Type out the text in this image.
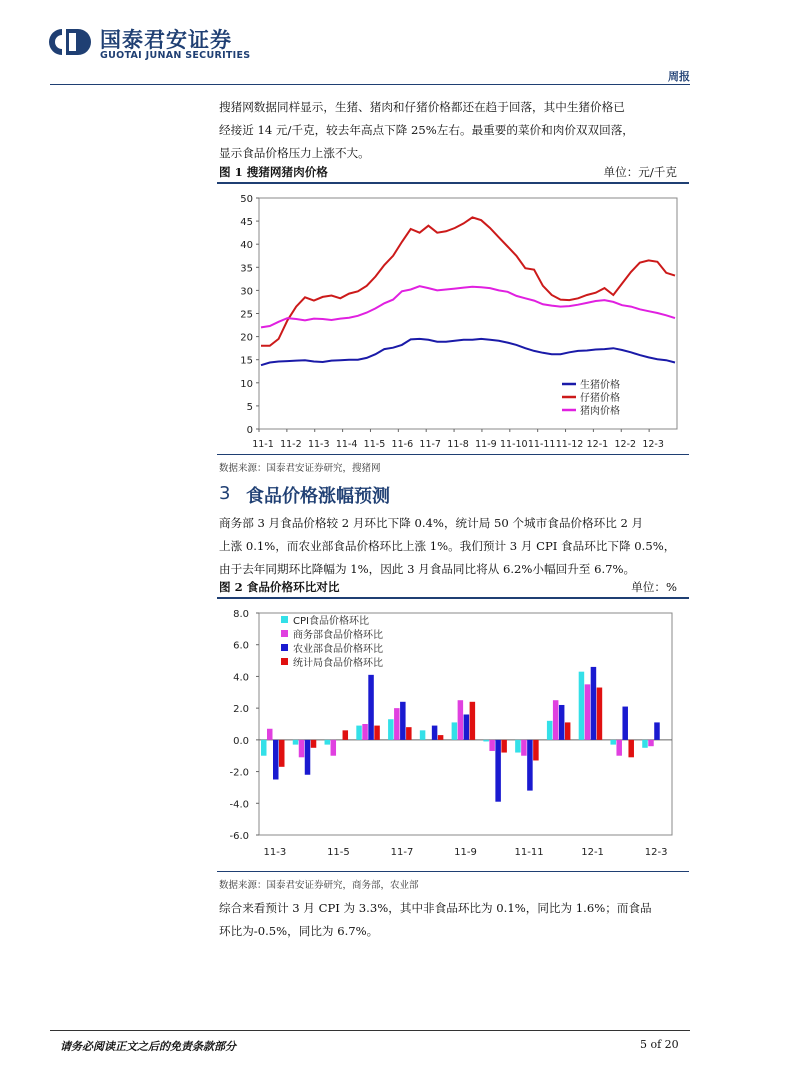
国泰君安证券
GUOTAI JUNAN SECURITIES
周报
搜猪网数据同样显示，生猪、猪肉和仔猪价格都还在趋于回落，其中生猪价格已
经接近 14 元/千克，较去年高点下降 25%左右。最重要的菜价和肉价双双回落，
显示食品价格压力上涨不大。
图 1 搜猪网猪肉价格	单位：元/千克
0
5
10
15
20
25
30
35
40
45
50
11-1 11-2 11-3 11-4 11-5 11-6 11-7 11-8 11-9 11-10 11-11 11-12 12-1 12-2 12-3
生猪价格
仔猪价格
猪肉价格
数据来源：国泰君安证券研究，搜猪网
3 食品价格涨幅预测
商务部 3 月食品价格较 2 月环比下降 0.4%，统计局 50 个城市食品价格环比 2 月
上涨 0.1%，而农业部食品价格环比上涨 1%。我们预计 3 月 CPI 食品环比下降 0.5%，
由于去年同期环比降幅为 1%，因此 3 月食品同比将从 6.2%小幅回升至 6.7%。
图 2 食品价格环比对比	单位：%
8.0
6.0
4.0
2.0
0.0
-2.0
-4.0
-6.0
11-3	11-5	11-7	11-9	11-11	12-1	12-3
CPI食品价格环比
商务部食品价格环比
农业部食品价格环比
统计局食品价格环比
数据来源：国泰君安证券研究，商务部，农业部
综合来看预计 3 月 CPI 为 3.3%，其中非食品环比为 0.1%，同比为 1.6%；而食品
环比为-0.5%，同比为 6.7%。
请务必阅读正文之后的免责条款部分	5 of 20
